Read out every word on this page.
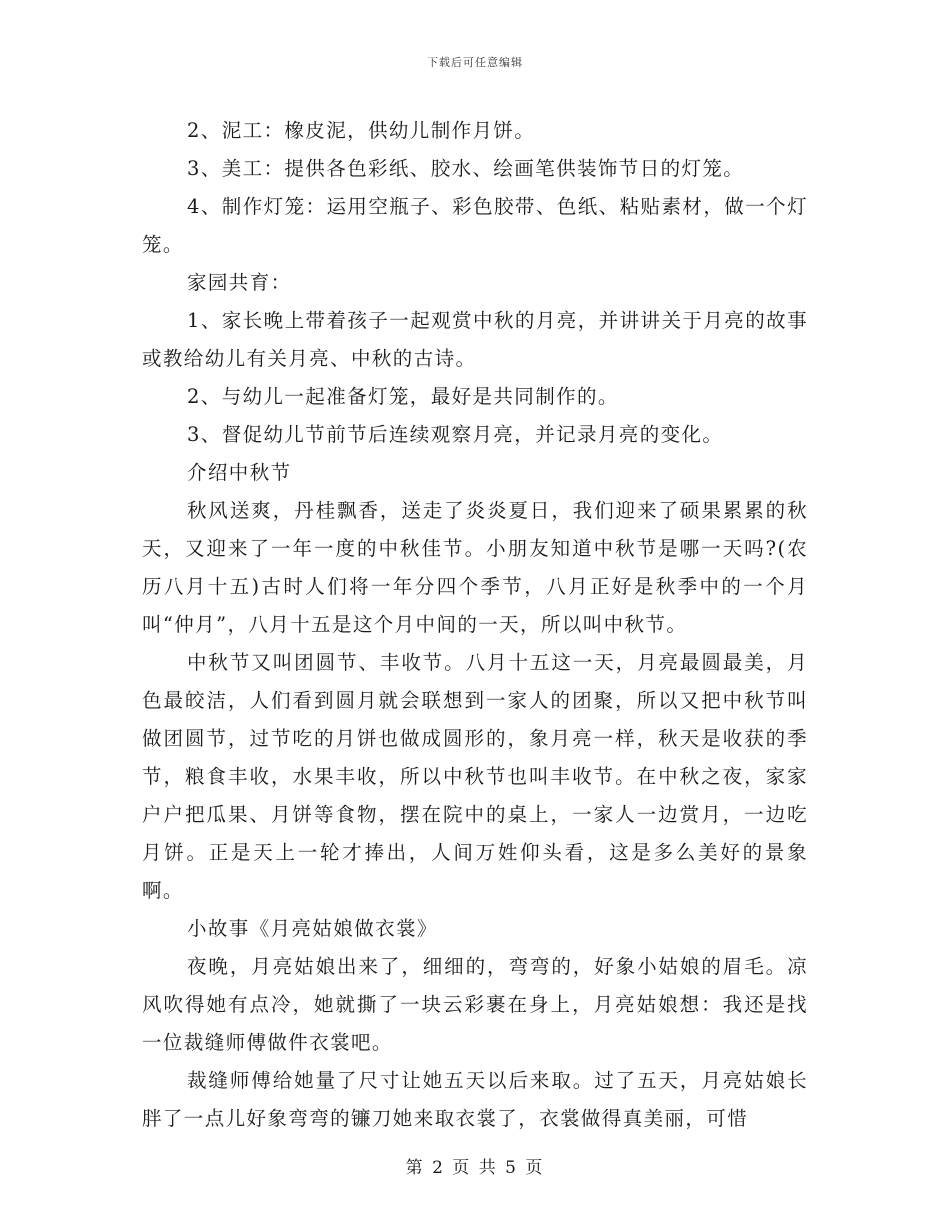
下载后可任意编辑

2、泥工：橡皮泥，供幼儿制作月饼。

3、美工：提供各色彩纸、胶水、绘画笔供装饰节日的灯笼。

4、制作灯笼：运用空瓶子、彩色胶带、色纸、粘贴素材，做一个灯笼。

家园共育：

1、家长晚上带着孩子一起观赏中秋的月亮，并讲讲关于月亮的故事或教给幼儿有关月亮、中秋的古诗。

2、与幼儿一起准备灯笼，最好是共同制作的。

3、督促幼儿节前节后连续观察月亮，并记录月亮的变化。

介绍中秋节

秋风送爽，丹桂飘香，送走了炎炎夏日，我们迎来了硕果累累的秋天，又迎来了一年一度的中秋佳节。小朋友知道中秋节是哪一天吗?(农历八月十五)古时人们将一年分四个季节，八月正好是秋季中的一个月叫“仲月”，八月十五是这个月中间的一天，所以叫中秋节。

中秋节又叫团圆节、丰收节。八月十五这一天，月亮最圆最美，月色最皎洁，人们看到圆月就会联想到一家人的团聚，所以又把中秋节叫做团圆节，过节吃的月饼也做成圆形的，象月亮一样，秋天是收获的季节，粮食丰收，水果丰收，所以中秋节也叫丰收节。在中秋之夜，家家户户把瓜果、月饼等食物，摆在院中的桌上，一家人一边赏月，一边吃月饼。正是天上一轮才捧出，人间万姓仰头看，这是多么美好的景象啊。

小故事《月亮姑娘做衣裳》

夜晚，月亮姑娘出来了，细细的，弯弯的，好象小姑娘的眉毛。凉风吹得她有点冷，她就撕了一块云彩裹在身上，月亮姑娘想：我还是找一位裁缝师傅做件衣裳吧。

裁缝师傅给她量了尺寸让她五天以后来取。过了五天，月亮姑娘长胖了一点儿好象弯弯的镰刀她来取衣裳了，衣裳做得真美丽，可惜

第 2 页 共 5 页
